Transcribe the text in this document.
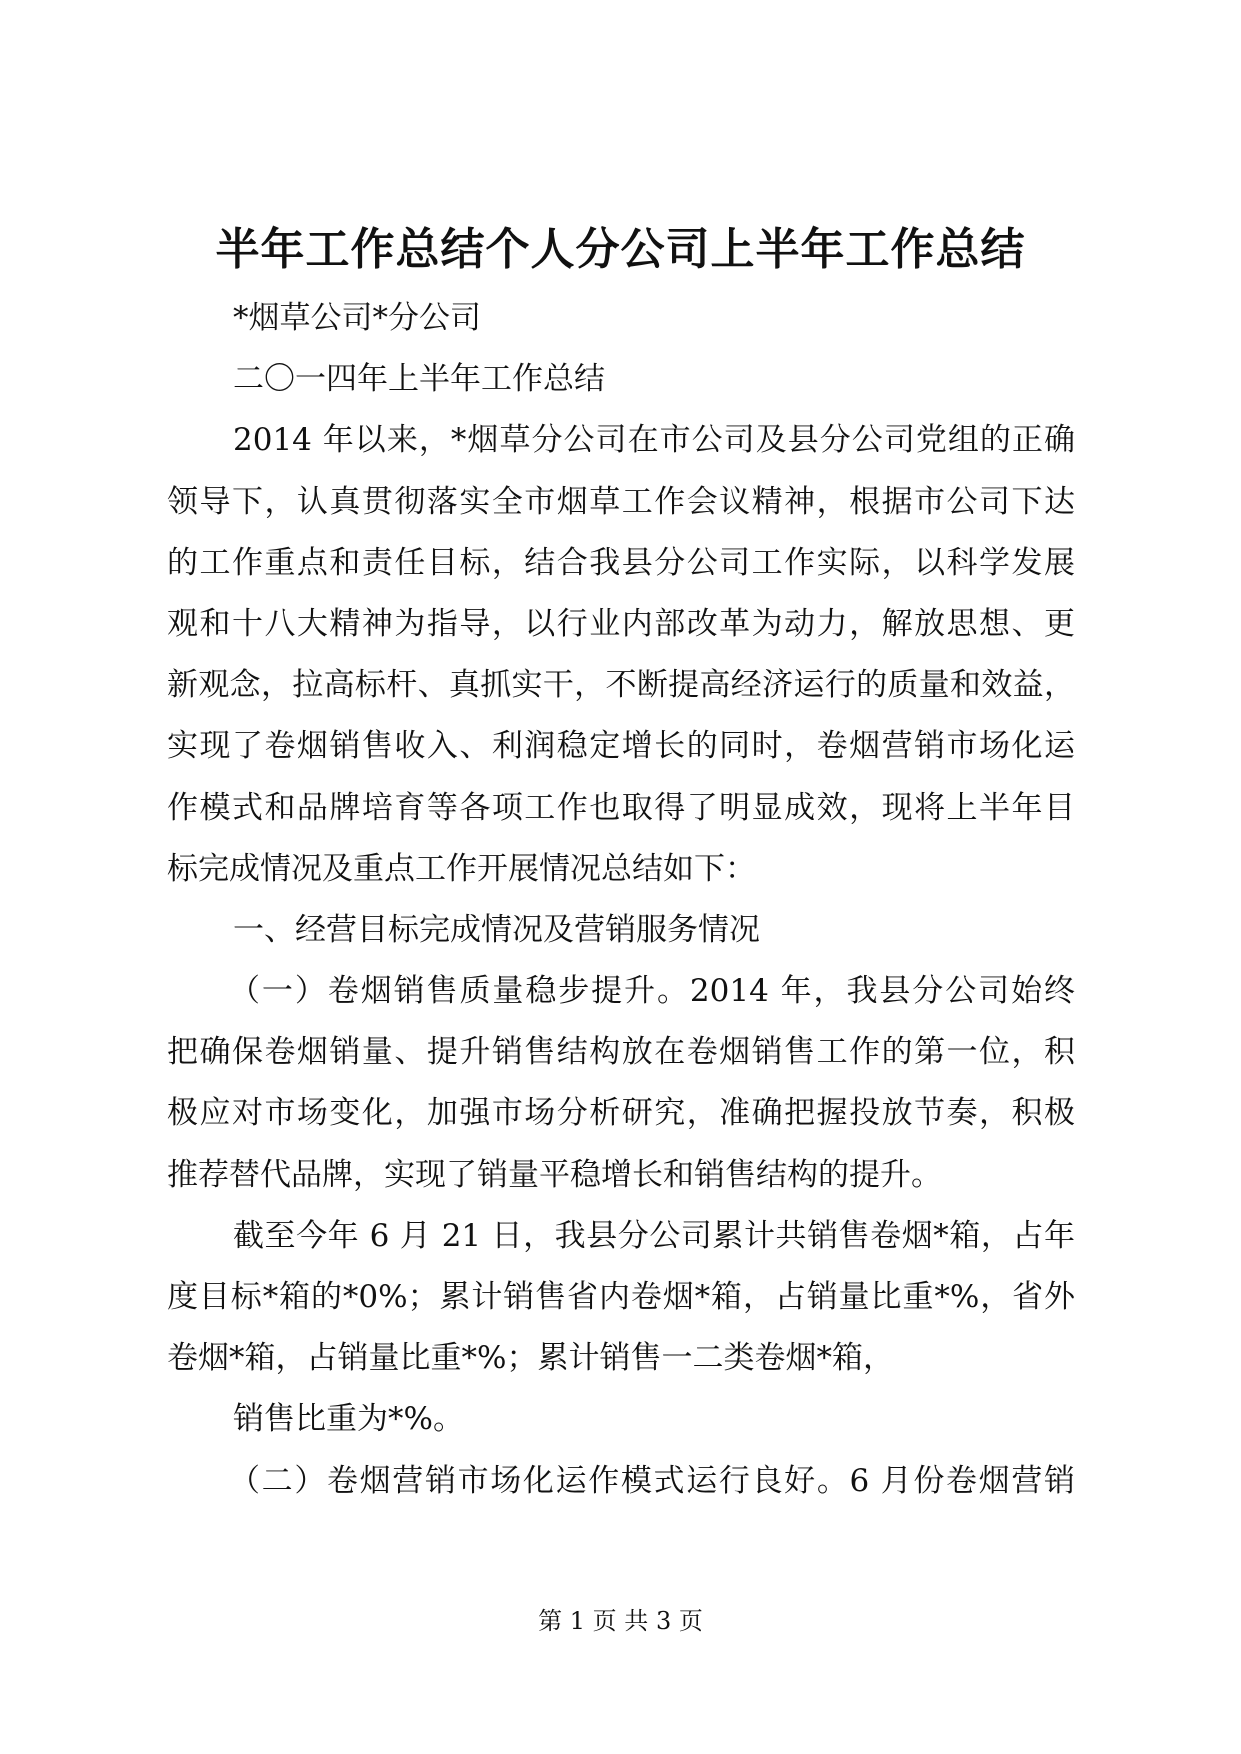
半年工作总结个人分公司上半年工作总结
*烟草公司*分公司
二〇一四年上半年工作总结
2014 年以来，*烟草分公司在市公司及县分公司党组的正确
领导下，认真贯彻落实全市烟草工作会议精神，根据市公司下达
的工作重点和责任目标，结合我县分公司工作实际，以科学发展
观和十八大精神为指导，以行业内部改革为动力，解放思想、更
新观念，拉高标杆、真抓实干，不断提高经济运行的质量和效益，
实现了卷烟销售收入、利润稳定增长的同时，卷烟营销市场化运
作模式和品牌培育等各项工作也取得了明显成效，现将上半年目
标完成情况及重点工作开展情况总结如下：
一、经营目标完成情况及营销服务情况
（一）卷烟销售质量稳步提升。2014 年，我县分公司始终
把确保卷烟销量、提升销售结构放在卷烟销售工作的第一位，积
极应对市场变化，加强市场分析研究，准确把握投放节奏，积极
推荐替代品牌，实现了销量平稳增长和销售结构的提升。
截至今年 6 月 21 日，我县分公司累计共销售卷烟*箱，占年
度目标*箱的*0%；累计销售省内卷烟*箱，占销量比重*%，省外
卷烟*箱，占销量比重*%；累计销售一二类卷烟*箱，
销售比重为*%。
（二）卷烟营销市场化运作模式运行良好。6 月份卷烟营销
第 1 页 共 3 页
